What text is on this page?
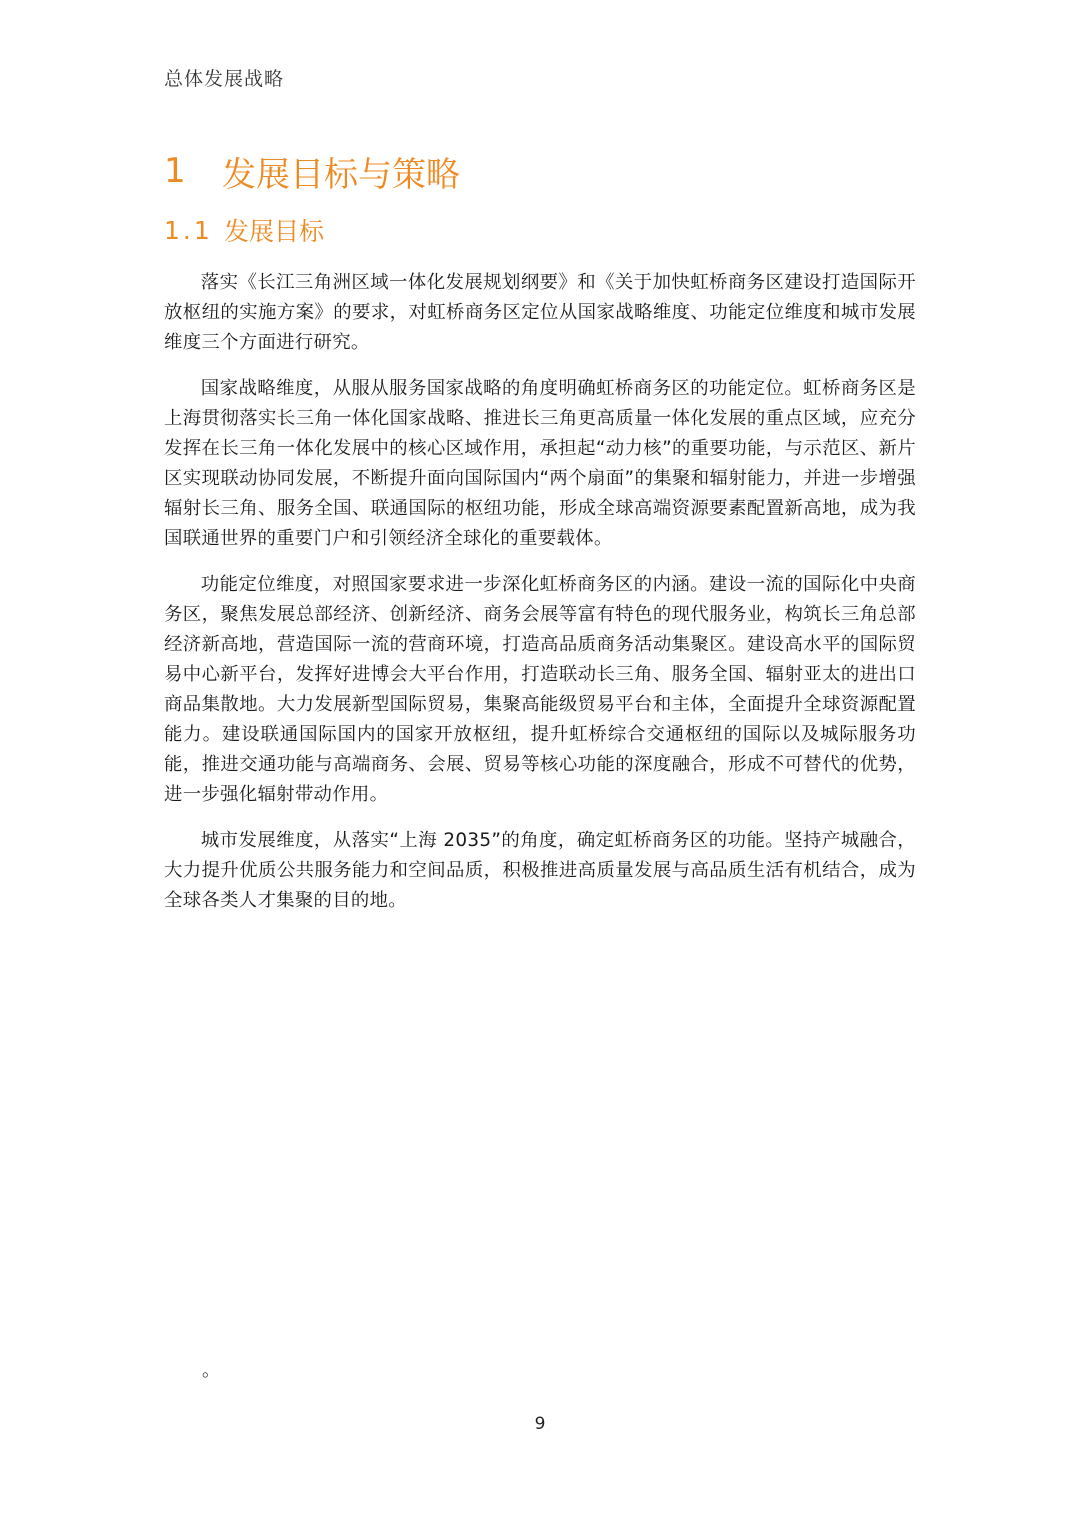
总体发展战略
1	发展目标与策略
1.1 发展目标

落实《长江三角洲区域一体化发展规划纲要》和《关于加快虹桥商务区建设打造国际开放枢纽的实施方案》的要求，对虹桥商务区定位从国家战略维度、功能定位维度和城市发展维度三个方面进行研究。

国家战略维度，从服从服务国家战略的角度明确虹桥商务区的功能定位。虹桥商务区是上海贯彻落实长三角一体化国家战略、推进长三角更高质量一体化发展的重点区域，应充分发挥在长三角一体化发展中的核心区域作用，承担起“动力核”的重要功能，与示范区、新片区实现联动协同发展，不断提升面向国际国内“两个扇面”的集聚和辐射能力，并进一步增强辐射长三角、服务全国、联通国际的枢纽功能，形成全球高端资源要素配置新高地，成为我国联通世界的重要门户和引领经济全球化的重要载体。

功能定位维度，对照国家要求进一步深化虹桥商务区的内涵。建设一流的国际化中央商务区，聚焦发展总部经济、创新经济、商务会展等富有特色的现代服务业，构筑长三角总部经济新高地，营造国际一流的营商环境，打造高品质商务活动集聚区。建设高水平的国际贸易中心新平台，发挥好进博会大平台作用，打造联动长三角、服务全国、辐射亚太的进出口商品集散地。大力发展新型国际贸易，集聚高能级贸易平台和主体，全面提升全球资源配置能力。建设联通国际国内的国家开放枢纽，提升虹桥综合交通枢纽的国际以及城际服务功能，推进交通功能与高端商务、会展、贸易等核心功能的深度融合，形成不可替代的优势，进一步强化辐射带动作用。

城市发展维度，从落实“上海 2035”的角度，确定虹桥商务区的功能。坚持产城融合，大力提升优质公共服务能力和空间品质，积极推进高质量发展与高品质生活有机结合，成为全球各类人才集聚的目的地。

。
9
